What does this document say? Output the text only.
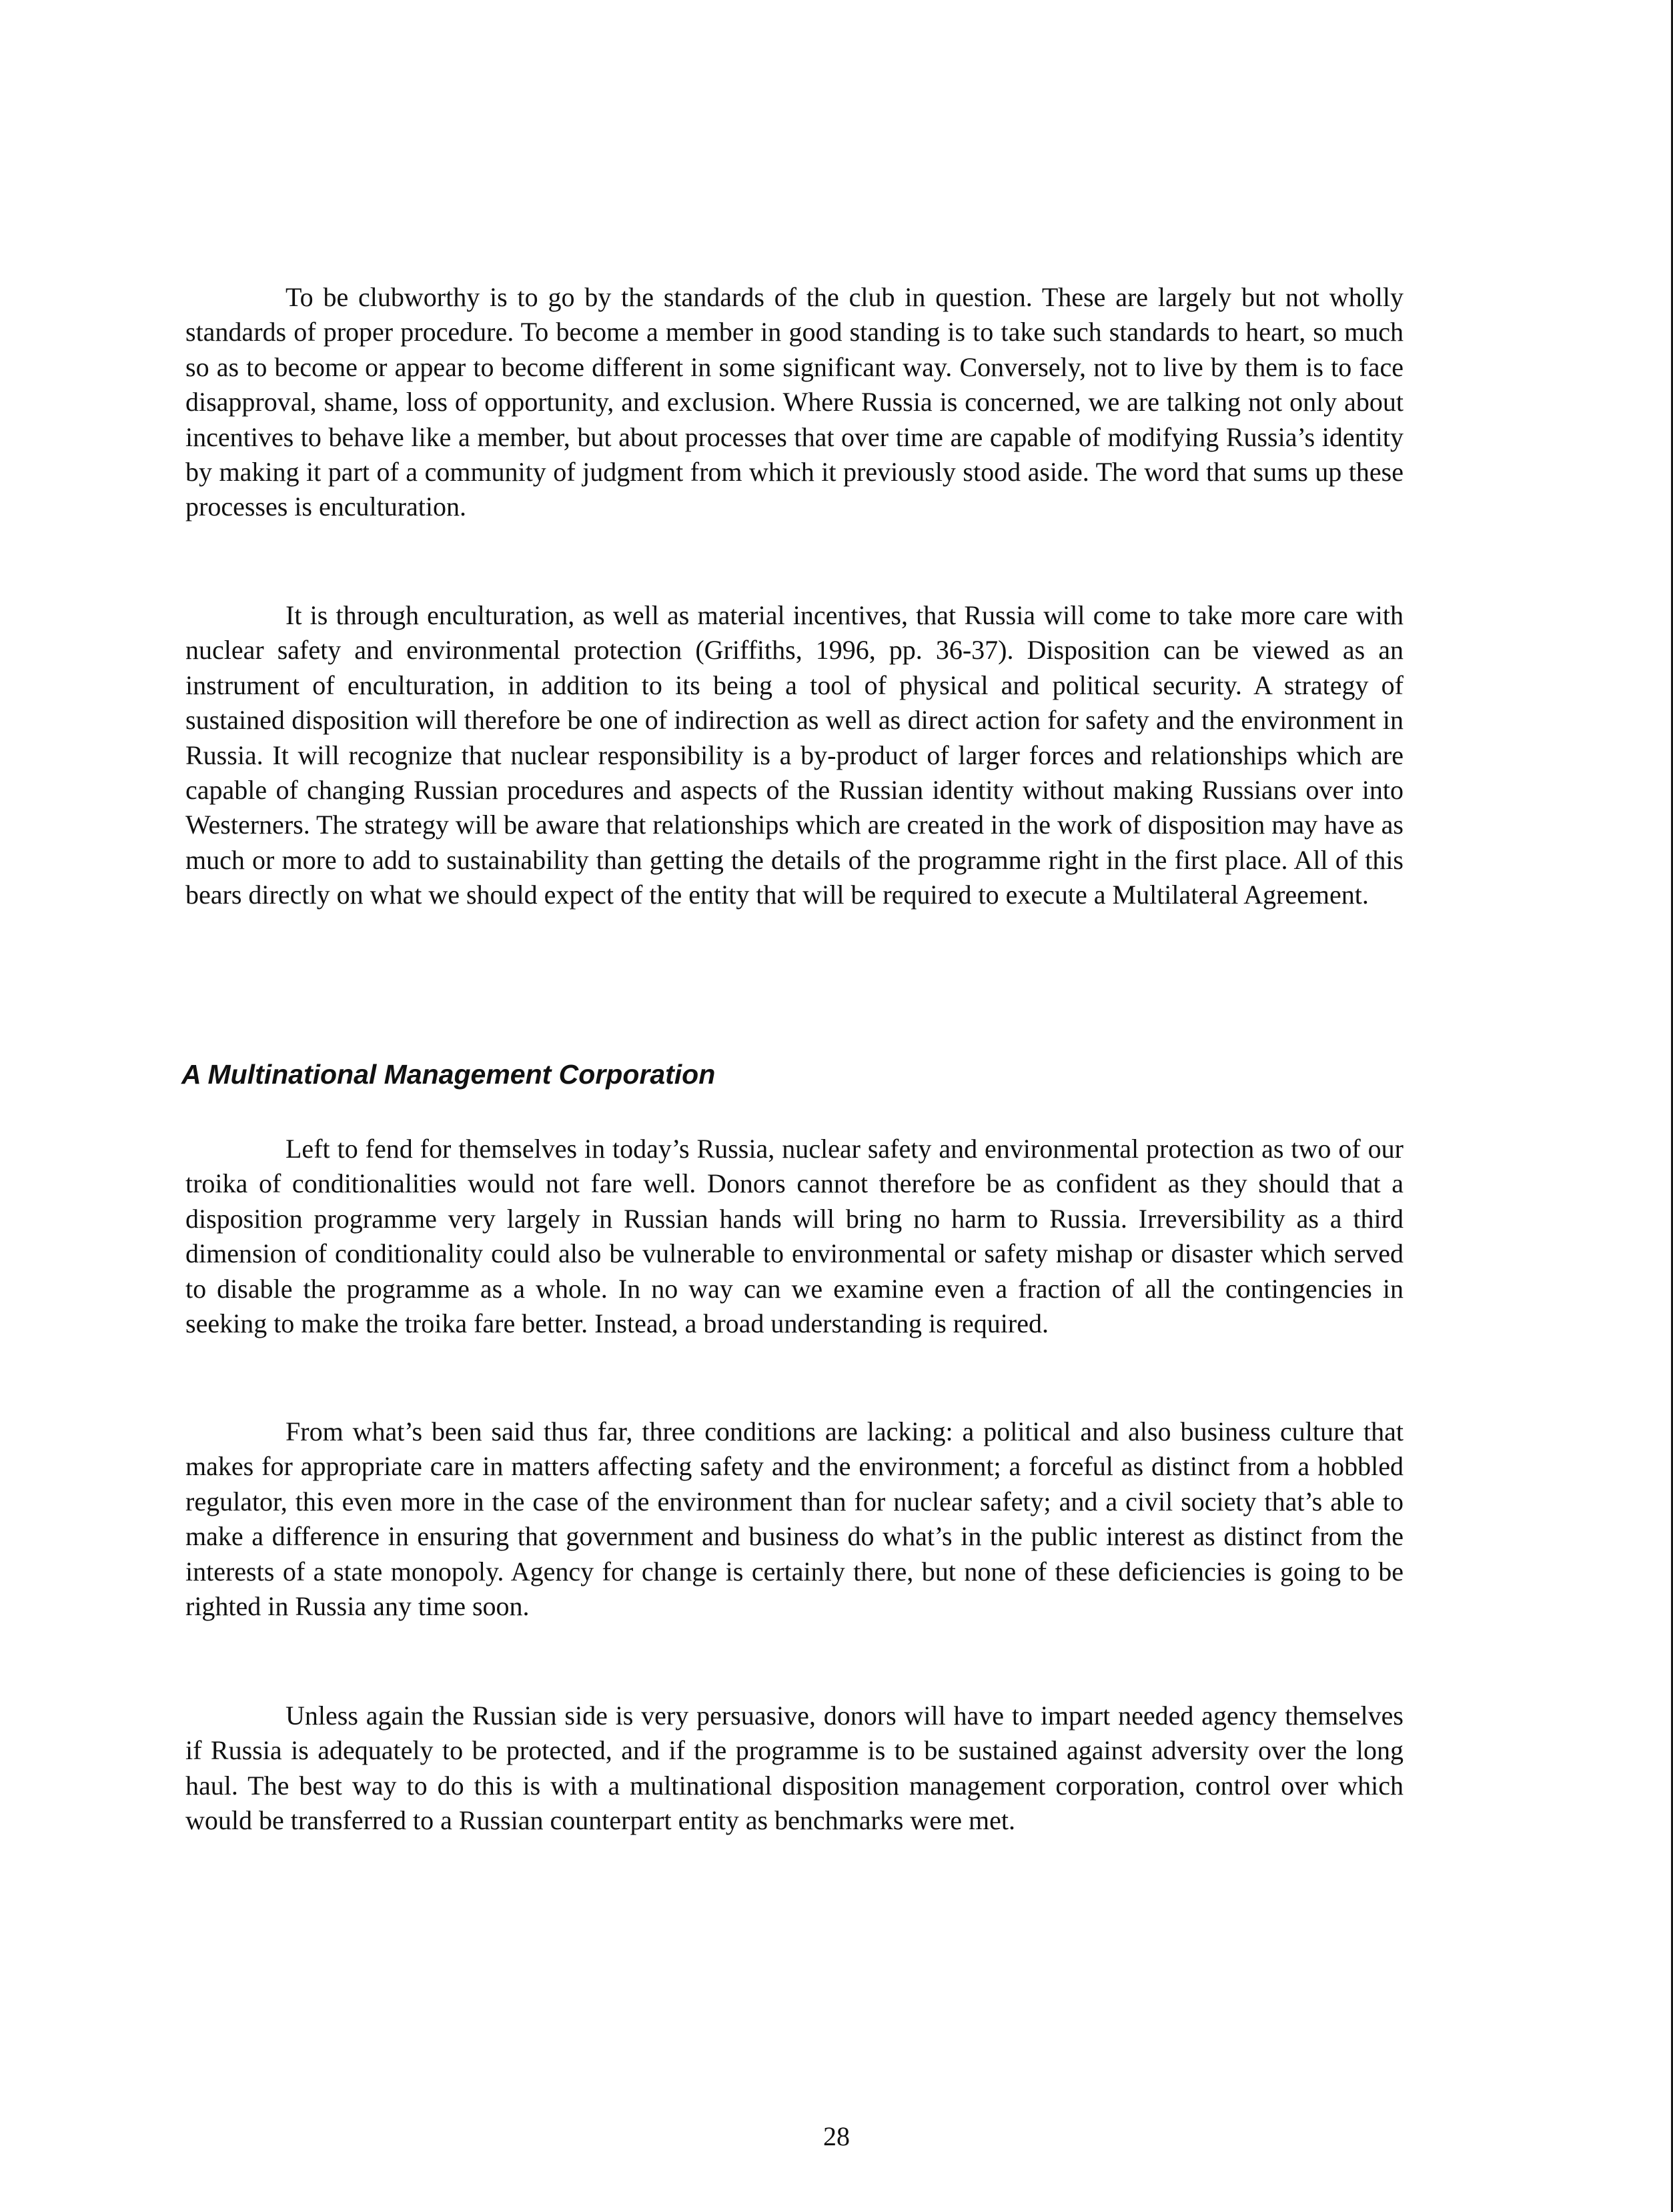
To be clubworthy is to go by the standards of the club in question. These are largely but not wholly standards of proper procedure. To become a member in good standing is to take such standards to heart, so much so as to become or appear to become different in some significant way. Conversely, not to live by them is to face disapproval, shame, loss of opportunity, and exclusion. Where Russia is concerned, we are talking not only about incentives to behave like a member, but about processes that over time are capable of modifying Russia’s identity by making it part of a community of judgment from which it previously stood aside. The word that sums up these processes is enculturation.

It is through enculturation, as well as material incentives, that Russia will come to take more care with nuclear safety and environmental protection (Griffiths, 1996, pp. 36-37). Disposition can be viewed as an instrument of enculturation, in addition to its being a tool of physical and political security. A strategy of sustained disposition will therefore be one of indirection as well as direct action for safety and the environment in Russia. It will recognize that nuclear responsibility is a by-product of larger forces and relationships which are capable of changing Russian procedures and aspects of the Russian identity without making Russians over into Westerners. The strategy will be aware that relationships which are created in the work of disposition may have as much or more to add to sustainability than getting the details of the programme right in the first place. All of this bears directly on what we should expect of the entity that will be required to execute a Multilateral Agreement.

A Multinational Management Corporation

Left to fend for themselves in today’s Russia, nuclear safety and environmental protection as two of our troika of conditionalities would not fare well. Donors cannot therefore be as confident as they should that a disposition programme very largely in Russian hands will bring no harm to Russia. Irreversibility as a third dimension of conditionality could also be vulnerable to environmental or safety mishap or disaster which served to disable the programme as a whole. In no way can we examine even a fraction of all the contingencies in seeking to make the troika fare better. Instead, a broad understanding is required.

From what’s been said thus far, three conditions are lacking: a political and also business culture that makes for appropriate care in matters affecting safety and the environment; a forceful as distinct from a hobbled regulator, this even more in the case of the environment than for nuclear safety; and a civil society that’s able to make a difference in ensuring that government and business do what’s in the public interest as distinct from the interests of a state monopoly. Agency for change is certainly there, but none of these deficiencies is going to be righted in Russia any time soon.

Unless again the Russian side is very persuasive, donors will have to impart needed agency themselves if Russia is adequately to be protected, and if the programme is to be sustained against adversity over the long haul. The best way to do this is with a multinational disposition management corporation, control over which would be transferred to a Russian counterpart entity as benchmarks were met.

28
